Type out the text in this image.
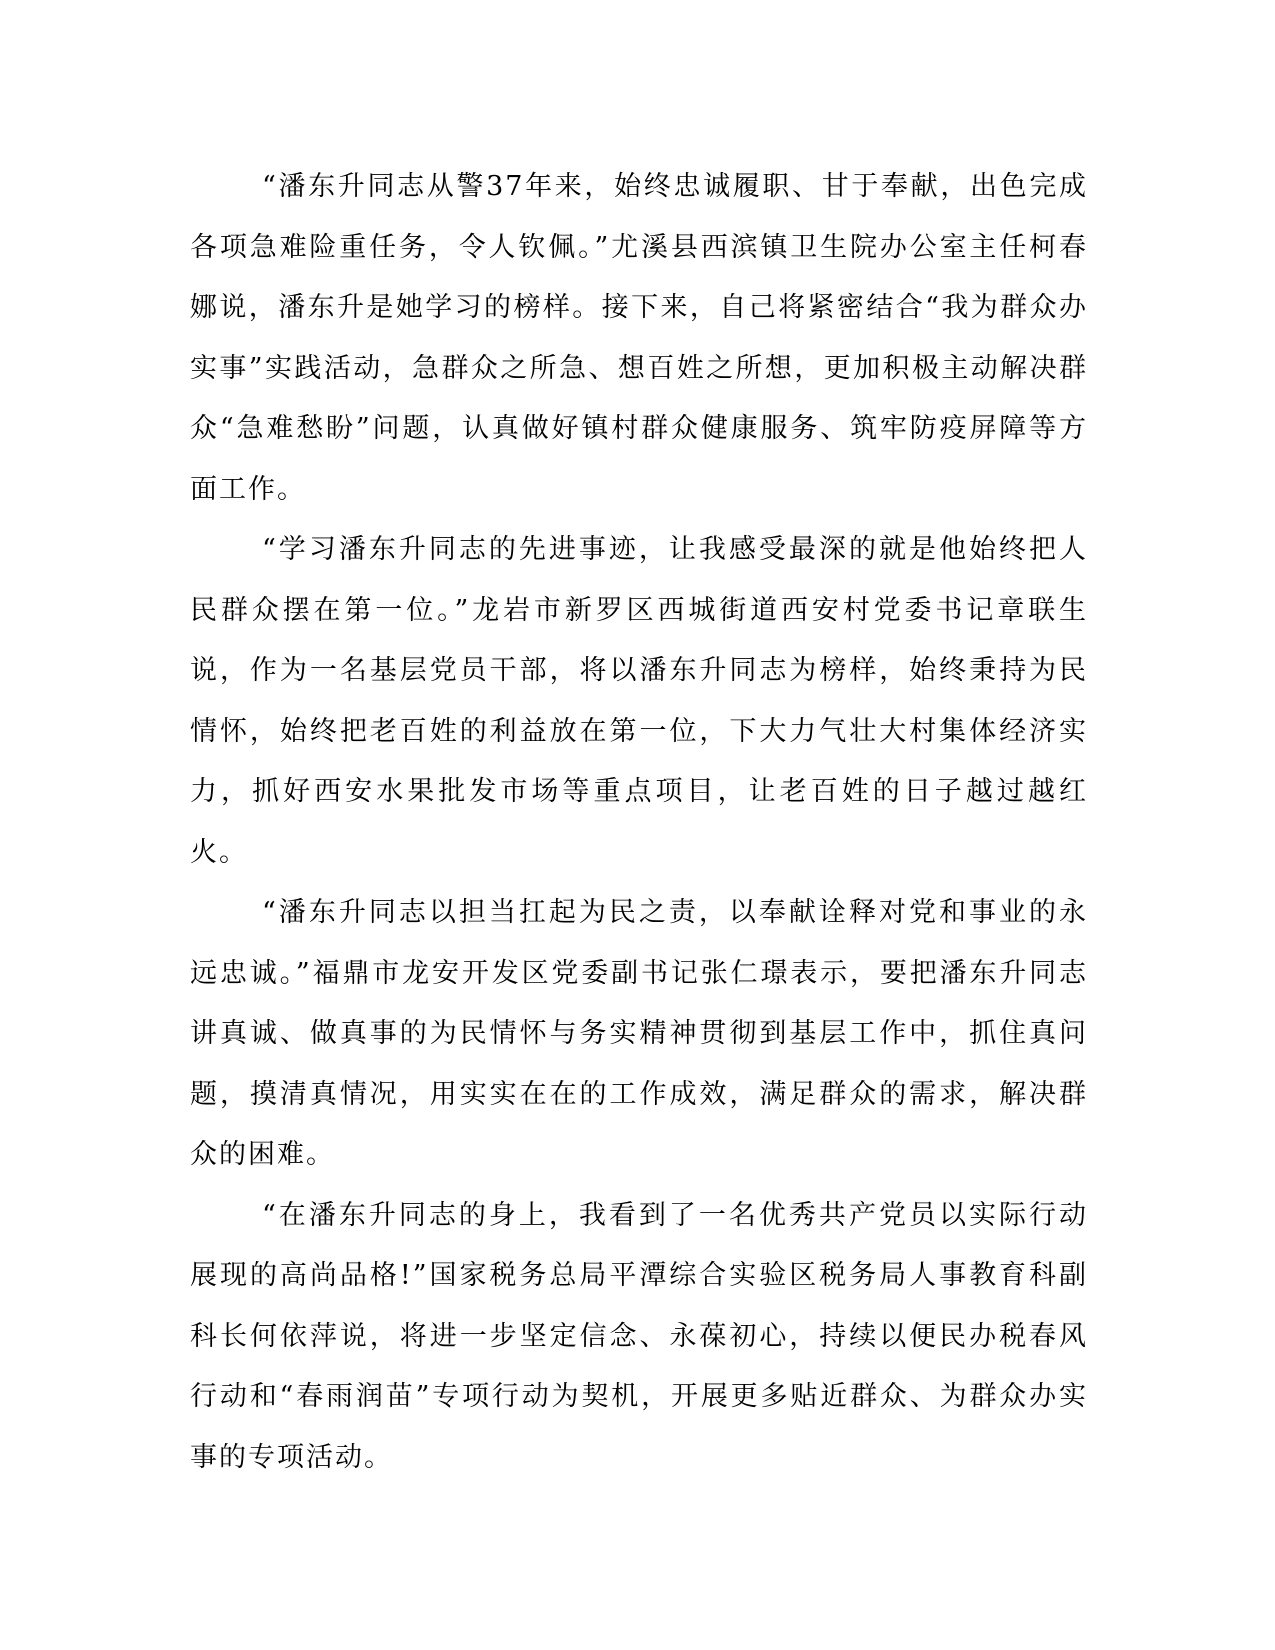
“潘东升同志从警37年来，始终忠诚履职、甘于奉献，出色完成各项急难险重任务，令人钦佩。”尤溪县西滨镇卫生院办公室主任柯春娜说，潘东升是她学习的榜样。接下来，自己将紧密结合“我为群众办实事”实践活动，急群众之所急、想百姓之所想，更加积极主动解决群众“急难愁盼”问题，认真做好镇村群众健康服务、筑牢防疫屏障等方面工作。

“学习潘东升同志的先进事迹，让我感受最深的就是他始终把人民群众摆在第一位。”龙岩市新罗区西城街道西安村党委书记章联生说，作为一名基层党员干部，将以潘东升同志为榜样，始终秉持为民情怀，始终把老百姓的利益放在第一位，下大力气壮大村集体经济实力，抓好西安水果批发市场等重点项目，让老百姓的日子越过越红火。

“潘东升同志以担当扛起为民之责，以奉献诠释对党和事业的永远忠诚。”福鼎市龙安开发区党委副书记张仁璟表示，要把潘东升同志讲真诚、做真事的为民情怀与务实精神贯彻到基层工作中，抓住真问题，摸清真情况，用实实在在的工作成效，满足群众的需求，解决群众的困难。

“在潘东升同志的身上，我看到了一名优秀共产党员以实际行动展现的高尚品格!”国家税务总局平潭综合实验区税务局人事教育科副科长何依萍说，将进一步坚定信念、永葆初心，持续以便民办税春风行动和“春雨润苗”专项行动为契机，开展更多贴近群众、为群众办实事的专项活动。
